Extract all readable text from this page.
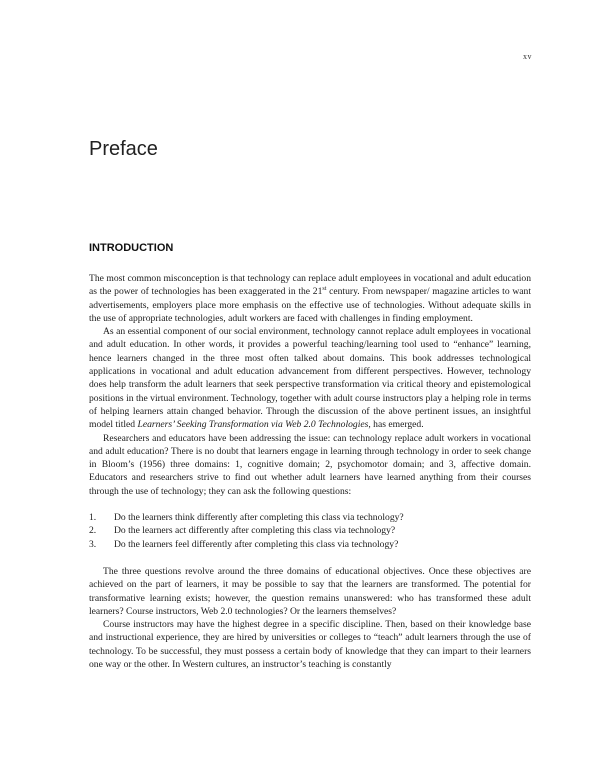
xv
Preface
INTRODUCTION

The most common misconception is that technology can replace adult employees in vocational and adult education as the power of technologies has been exaggerated in the 21st century. From newspaper/ magazine articles to want advertisements, employers place more emphasis on the effective use of technologies. Without adequate skills in the use of appropriate technologies, adult workers are faced with challenges in finding employment.

As an essential component of our social environment, technology cannot replace adult employees in vocational and adult education. In other words, it provides a powerful teaching/learning tool used to “enhance” learning, hence learners changed in the three most often talked about domains. This book addresses technological applications in vocational and adult education advancement from different perspectives. However, technology does help transform the adult learners that seek perspective transformation via critical theory and epistemological positions in the virtual environment. Technology, together with adult course instructors play a helping role in terms of helping learners attain changed behavior. Through the discussion of the above pertinent issues, an insightful model titled Learners’ Seeking Transformation via Web 2.0 Technologies, has emerged.

Researchers and educators have been addressing the issue: can technology replace adult workers in vocational and adult education? There is no doubt that learners engage in learning through technology in order to seek change in Bloom’s (1956) three domains: 1, cognitive domain; 2, psychomotor domain; and 3, affective domain. Educators and researchers strive to find out whether adult learners have learned anything from their courses through the use of technology; they can ask the following questions:

1.	Do the learners think differently after completing this class via technology?
2.	Do the learners act differently after completing this class via technology?
3.	Do the learners feel differently after completing this class via technology?

The three questions revolve around the three domains of educational objectives. Once these objectives are achieved on the part of learners, it may be possible to say that the learners are transformed. The potential for transformative learning exists; however, the question remains unanswered: who has transformed these adult learners? Course instructors, Web 2.0 technologies? Or the learners themselves?

Course instructors may have the highest degree in a specific discipline. Then, based on their knowledge base and instructional experience, they are hired by universities or colleges to “teach” adult learners through the use of technology. To be successful, they must possess a certain body of knowledge that they can impart to their learners one way or the other. In Western cultures, an instructor’s teaching is constantly
